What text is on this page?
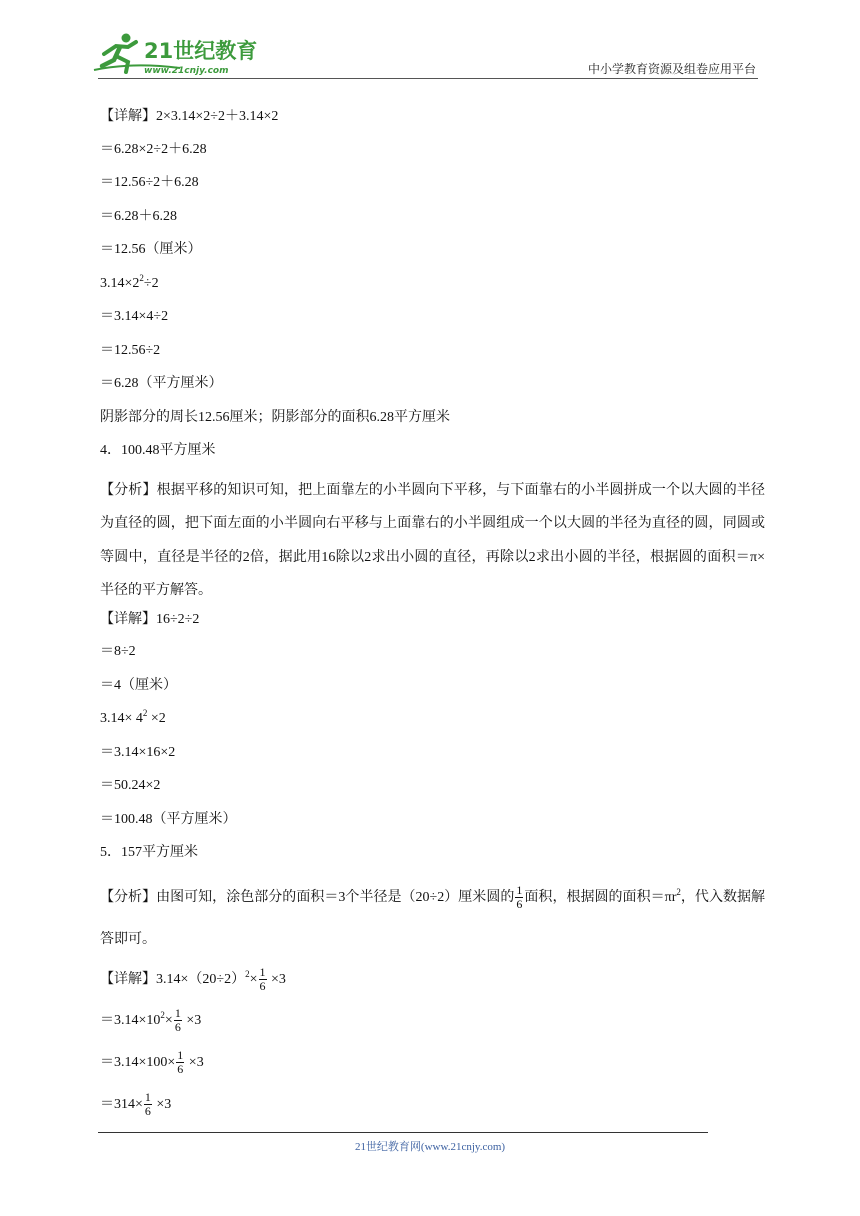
21世纪教育
www.21cnjy.com	中小学教育资源及组卷应用平台
【详解】2×3.14×2÷2＋3.14×2
＝6.28×2÷2＋6.28
＝12.56÷2＋6.28
＝6.28＋6.28
＝12.56（厘米）
$3.14\times 2^2\div 2$
＝3.14×4÷2
＝12.56÷2
＝6.28（平方厘米）
阴影部分的周长12.56厘米；阴影部分的面积6.28平方厘米
4．100.48平方厘米
【分析】根据平移的知识可知，把上面靠左的小半圆向下平移，与下面靠右的小半圆拼成一个以大圆的半径为直径的圆，把下面左面的小半圆向右平移与上面靠右的小半圆组成一个以大圆的半径为直径的圆，同圆或等圆中，直径是半径的2倍，据此用16除以2求出小圆的直径，再除以2求出小圆的半径，根据圆的面积＝π×半径的平方解答。
【详解】16÷2÷2
＝8÷2
＝4（厘米）
$3.14\times 4^2 \times 2$
＝3.14×16×2
＝50.24×2
＝100.48（平方厘米）
5．157平方厘米
【分析】由图可知，涂色部分的面积＝3个半径是（20÷2）厘米圆的 $\frac{1}{6}$ 面积，根据圆的面积$=\pi r^2$，代入数据解答即可。
【详解】$3.14\times(20\div 2)^2\times \frac{1}{6} \times 3$
$=3.14\times 10^2\times \frac{1}{6} \times 3$
$=3.14\times 100\times \frac{1}{6} \times 3$
$=314\times \frac{1}{6} \times 3$
21世纪教育网(www.21cnjy.com)
